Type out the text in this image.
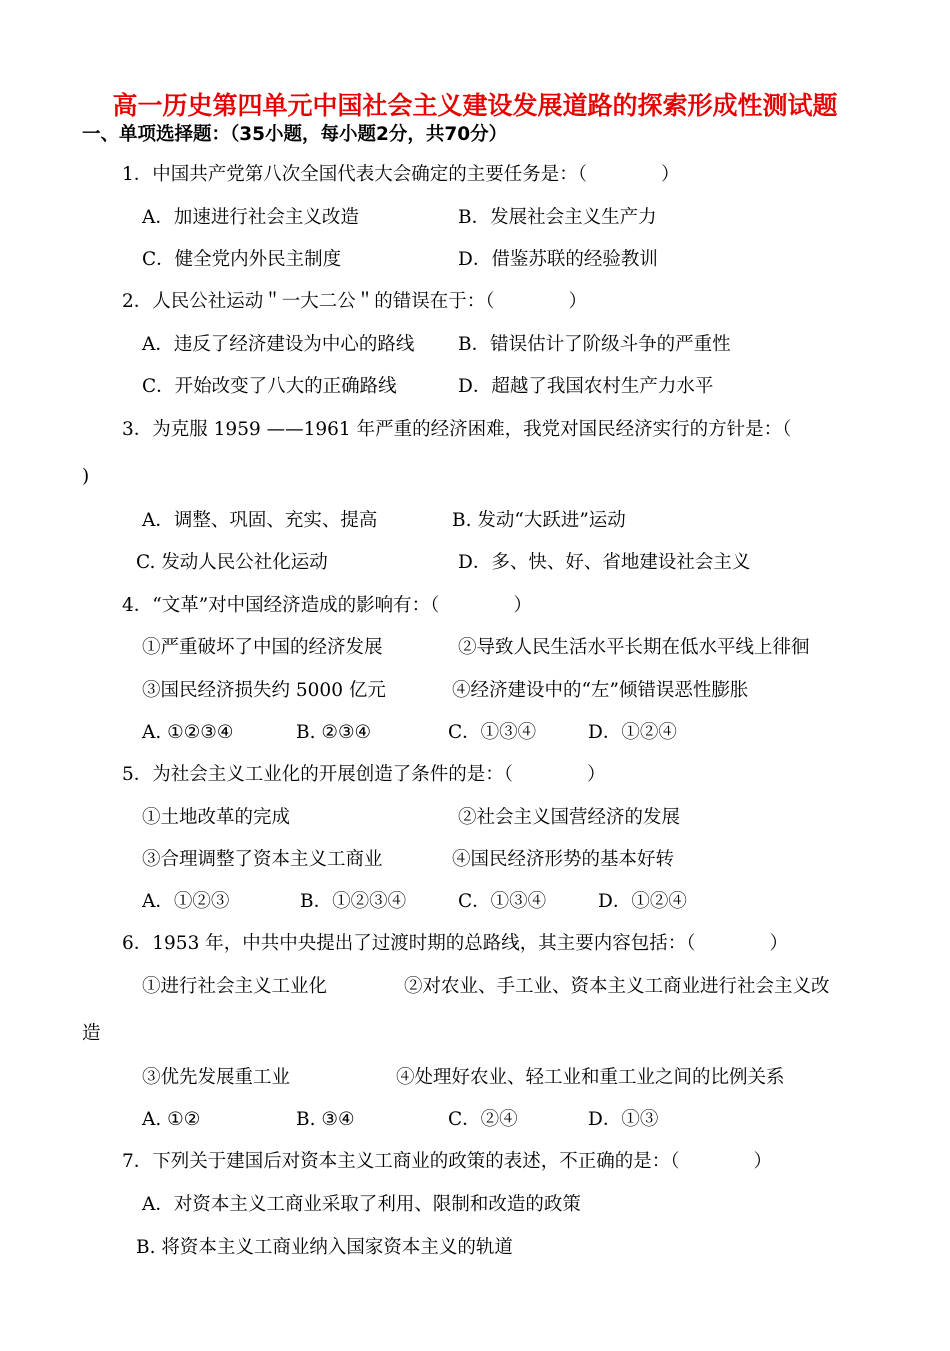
高一历史第四单元中国社会主义建设发展道路的探索形成性测试题
一、单项选择题：（35小题，每小题2分，共70分）
1．中国共产党第八次全国代表大会确定的主要任务是：（　　　　）
A．加速进行社会主义改造	B．发展社会主义生产力
C．健全党内外民主制度	D．借鉴苏联的经验教训
2．人民公社运动＂一大二公＂的错误在于：（　　　　）
A．违反了经济建设为中心的路线 B．错误估计了阶级斗争的严重性
C．开始改变了八大的正确路线	D．超越了我国农村生产力水平
3．为克服 1959 ——1961 年严重的经济困难，我党对国民经济实行的方针是：（
)
A．调整、巩固、充实、提高	B. 发动“大跃进”运动
C. 发动人民公社化运动	D．多、快、好、省地建设社会主义
4．“文革”对中国经济造成的影响有：（　　　　）
①严重破坏了中国的经济发展	②导致人民生活水平长期在低水平线上徘徊
③国民经济损失约 5000 亿元	④经济建设中的“左”倾错误恶性膨胀
A. ①②③④	B. ②③④	C．①③④	D．①②④
5．为社会主义工业化的开展创造了条件的是：（　　　　）
①土地改革的完成	②社会主义国营经济的发展
③合理调整了资本主义工商业	④国民经济形势的基本好转
A．①②③	B．①②③④	C．①③④	D．①②④
6．1953 年，中共中央提出了过渡时期的总路线，其主要内容包括：（　　　　）
①进行社会主义工业化	②对农业、手工业、资本主义工商业进行社会主义改
造
③优先发展重工业	④处理好农业、轻工业和重工业之间的比例关系
A. ①②	B. ③④	C．②④	D．①③
7．下列关于建国后对资本主义工商业的政策的表述，不正确的是：（　　　　）
A．对资本主义工商业采取了利用、限制和改造的政策
B. 将资本主义工商业纳入国家资本主义的轨道
